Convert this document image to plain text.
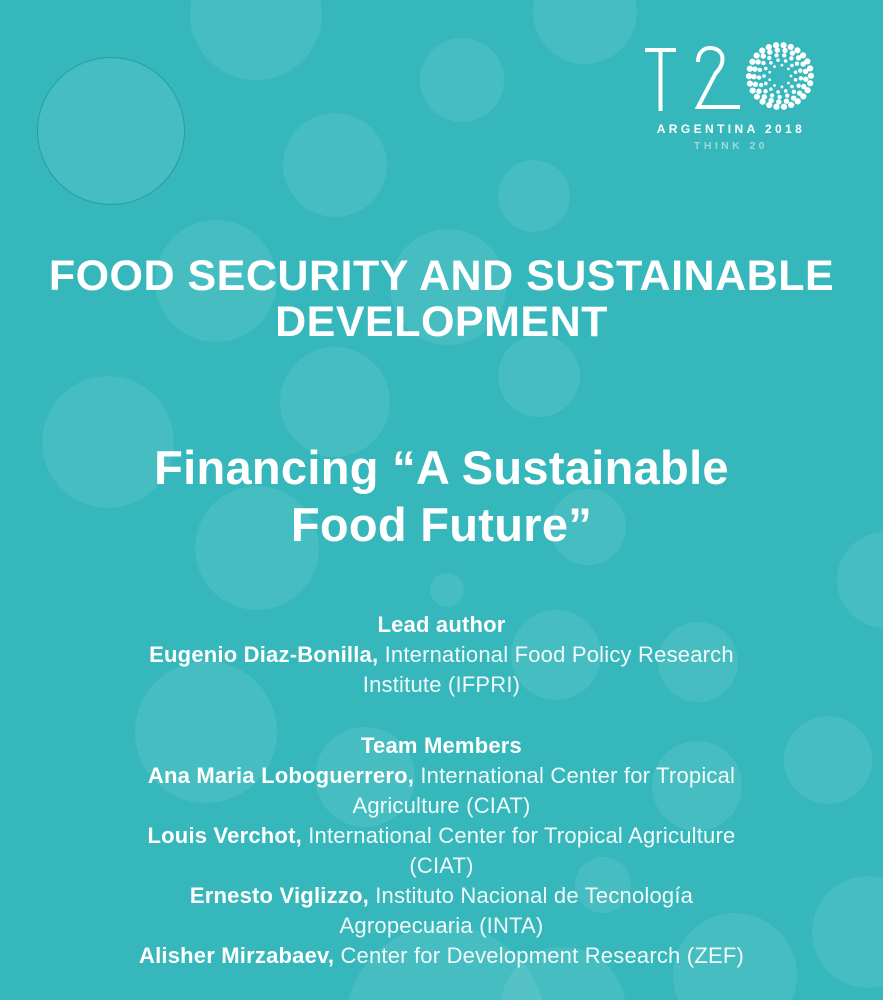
ARGENTINA 2018
THINK 20
FOOD SECURITY AND SUSTAINABLE
DEVELOPMENT
Financing “A Sustainable
Food Future”
Lead author
Eugenio Diaz-Bonilla, International Food Policy Research
Institute (IFPRI)
Team Members
Ana Maria Loboguerrero, International Center for Tropical
Agriculture (CIAT)
Louis Verchot, International Center for Tropical Agriculture
(CIAT)
Ernesto Viglizzo, Instituto Nacional de Tecnología
Agropecuaria (INTA)
Alisher Mirzabaev, Center for Development Research (ZEF)
